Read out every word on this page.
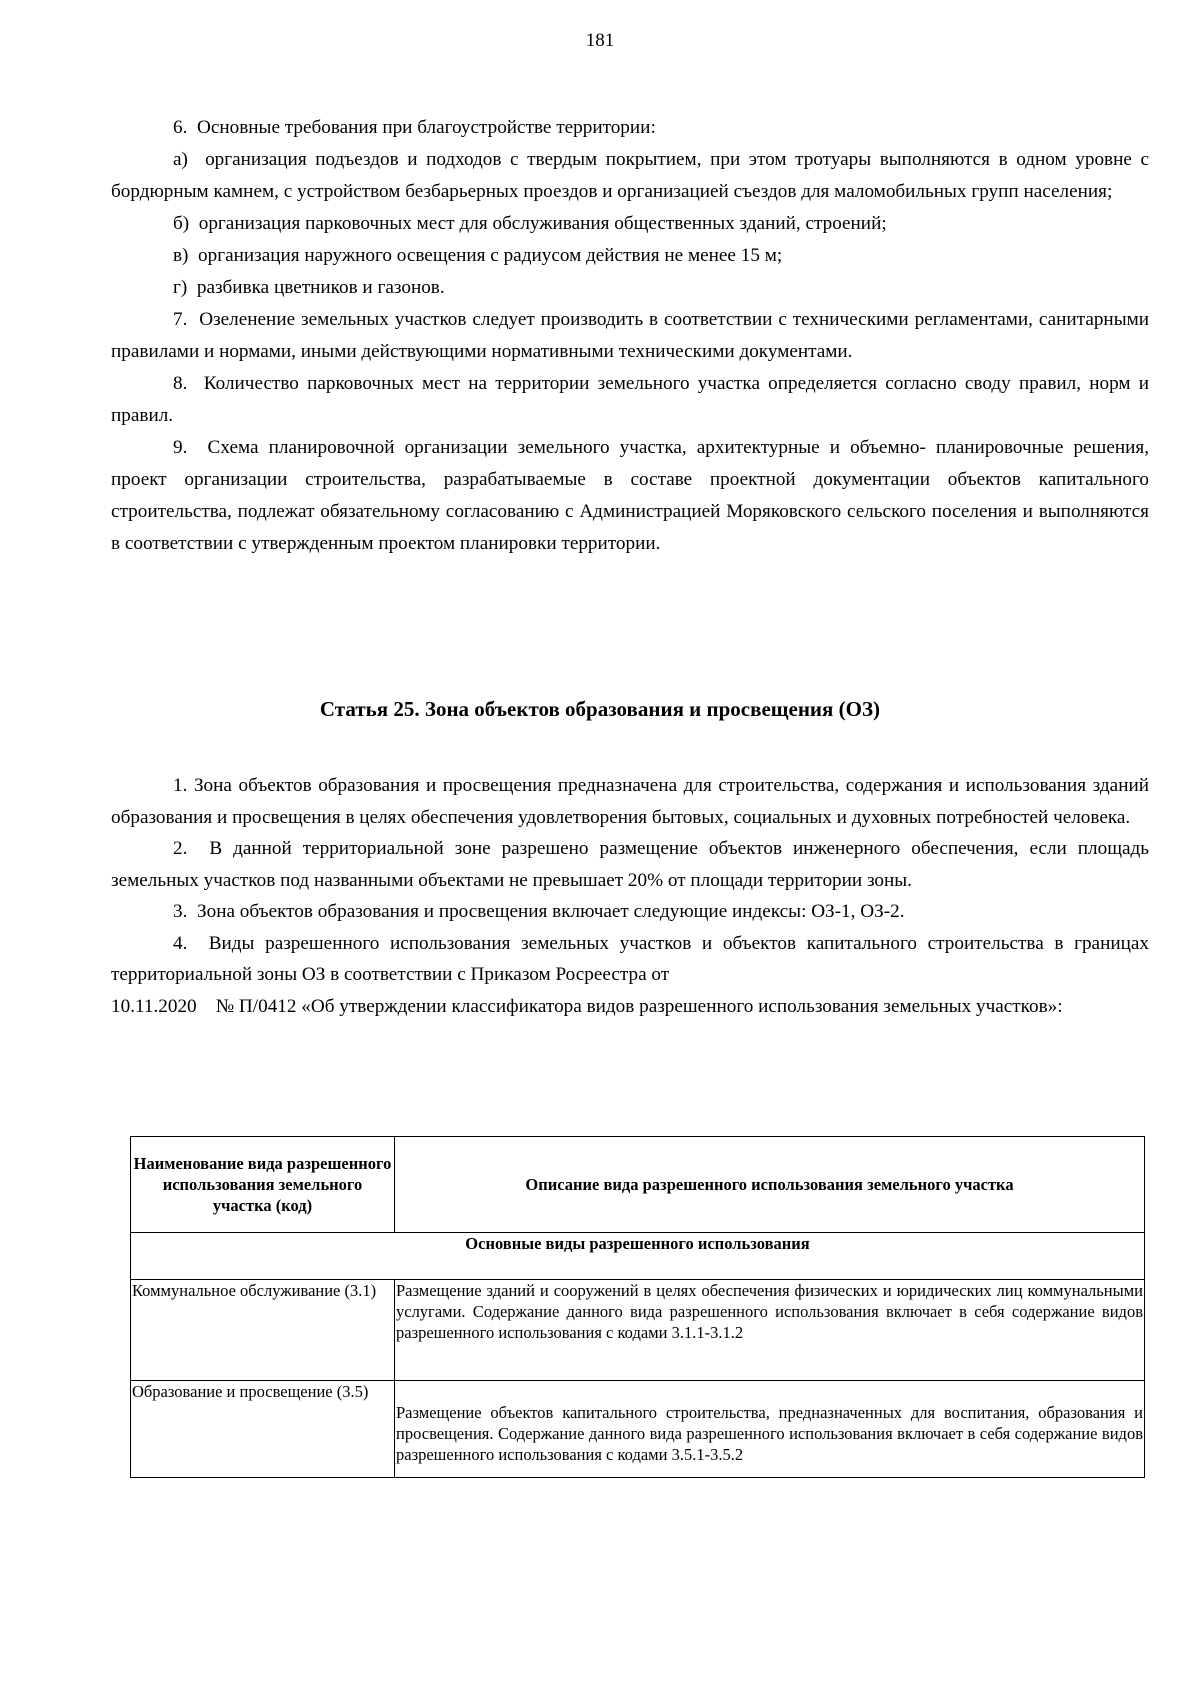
181

6.  Основные требования при благоустройстве территории:

а)  организация подъездов и подходов с твердым покрытием, при этом тротуары выполняются в одном уровне с бордюрным камнем, с устройством безбарьерных проездов и организацией съездов для маломобильных групп населения;

б)  организация парковочных мест для обслуживания общественных зданий, строений;

в)  организация наружного освещения с радиусом действия не менее 15 м;

г)  разбивка цветников и газонов.

7.  Озеленение земельных участков следует производить в соответствии с техническими регламентами, санитарными правилами и нормами, иными действующими нормативными техническими документами.

8.  Количество парковочных мест на территории земельного участка определяется согласно своду правил, норм и правил.

9.  Схема планировочной организации земельного участка, архитектурные и объемно- планировочные решения, проект организации строительства, разрабатываемые в составе проектной документации объектов капитального строительства, подлежат обязательному согласованию с Администрацией Моряковского сельского поселения и выполняются в соответствии с утвержденным проектом планировки территории.

Статья 25. Зона объектов образования и просвещения (ОЗ)

1. Зона объектов образования и просвещения предназначена для строительства, содержания и использования зданий образования и просвещения в целях обеспечения удовлетворения бытовых, социальных и духовных потребностей человека.

2.  В данной территориальной зоне разрешено размещение объектов инженерного обеспечения, если площадь земельных участков под названными объектами не превышает 20% от площади территории зоны.

3.  Зона объектов образования и просвещения включает следующие индексы: ОЗ-1, ОЗ-2.

4.  Виды разрешенного использования земельных участков и объектов капитального строительства в границах территориальной зоны ОЗ в соответствии с Приказом Росреестра от

10.11.2020    № П/0412 «Об утверждении классификатора видов разрешенного использования земельных участков»:

Наименование вида разрешенного использования земельного участка (код)	Описание вида разрешенного использования земельного участка
Основные виды разрешенного использования	
Коммунальное обслуживание (3.1)	Размещение зданий и сооружений в целях обеспечения физических и юридических лиц коммунальными услугами. Содержание данного вида разрешенного использования включает в себя содержание видов разрешенного использования с кодами 3.1.1-3.1.2
Образование и просвещение (3.5)	Размещение объектов капитального строительства, предназначенных для воспитания, образования и просвещения. Содержание данного вида разрешенного использования включает в себя содержание видов разрешенного использования с кодами 3.5.1-3.5.2
